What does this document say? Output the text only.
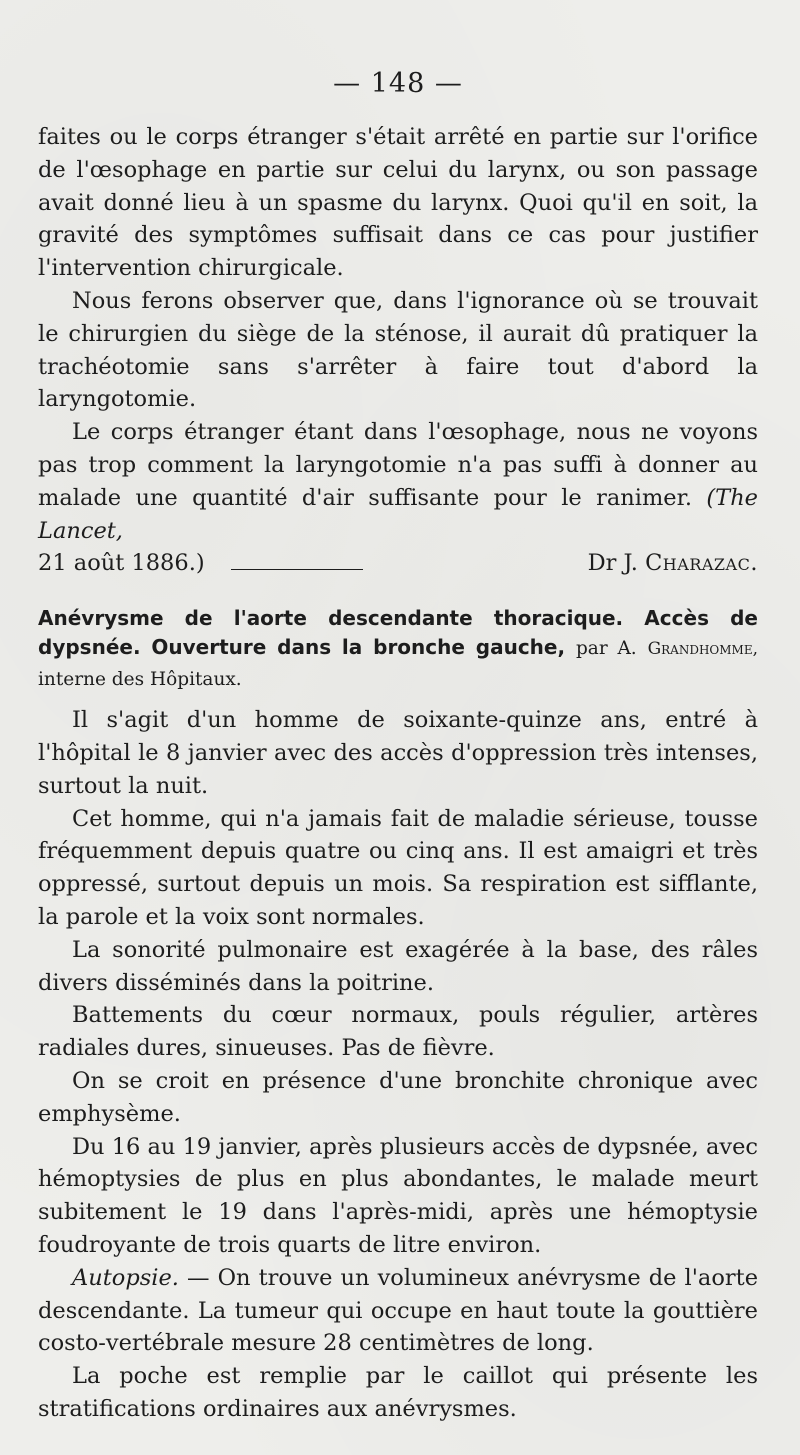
— 148 —

faites ou le corps étranger s'était arrêté en partie sur l'orifice de l'œsophage en partie sur celui du larynx, ou son passage avait donné lieu à un spasme du larynx. Quoi qu'il en soit, la gravité des symptômes suffisait dans ce cas pour justifier l'intervention chirurgicale.

Nous ferons observer que, dans l'ignorance où se trouvait le chirurgien du siège de la sténose, il aurait dû pratiquer la trachéotomie sans s'arrêter à faire tout d'abord la laryngotomie.

Le corps étranger étant dans l'œsophage, nous ne voyons pas trop comment la laryngotomie n'a pas suffi à donner au malade une quantité d'air suffisante pour le ranimer. (The Lancet,

21 août 1886.)	Dr J. Charazac.
Anévrysme de l'aorte descendante thoracique. Accès de dypsnée. Ouverture dans la bronche gauche, par A. Grandhomme, interne des Hôpitaux.

Il s'agit d'un homme de soixante-quinze ans, entré à l'hôpital le 8 janvier avec des accès d'oppression très intenses, surtout la nuit.

Cet homme, qui n'a jamais fait de maladie sérieuse, tousse fréquemment depuis quatre ou cinq ans. Il est amaigri et très oppressé, surtout depuis un mois. Sa respiration est sifflante, la parole et la voix sont normales.

La sonorité pulmonaire est exagérée à la base, des râles divers disséminés dans la poitrine.

Battements du cœur normaux, pouls régulier, artères radiales dures, sinueuses. Pas de fièvre.

On se croit en présence d'une bronchite chronique avec emphysème.

Du 16 au 19 janvier, après plusieurs accès de dypsnée, avec hémoptysies de plus en plus abondantes, le malade meurt subitement le 19 dans l'après-midi, après une hémoptysie foudroyante de trois quarts de litre environ.

Autopsie. — On trouve un volumineux anévrysme de l'aorte descendante. La tumeur qui occupe en haut toute la gouttière costo-vertébrale mesure 28 centimètres de long.

La poche est remplie par le caillot qui présente les stratifications ordinaires aux anévrysmes.
